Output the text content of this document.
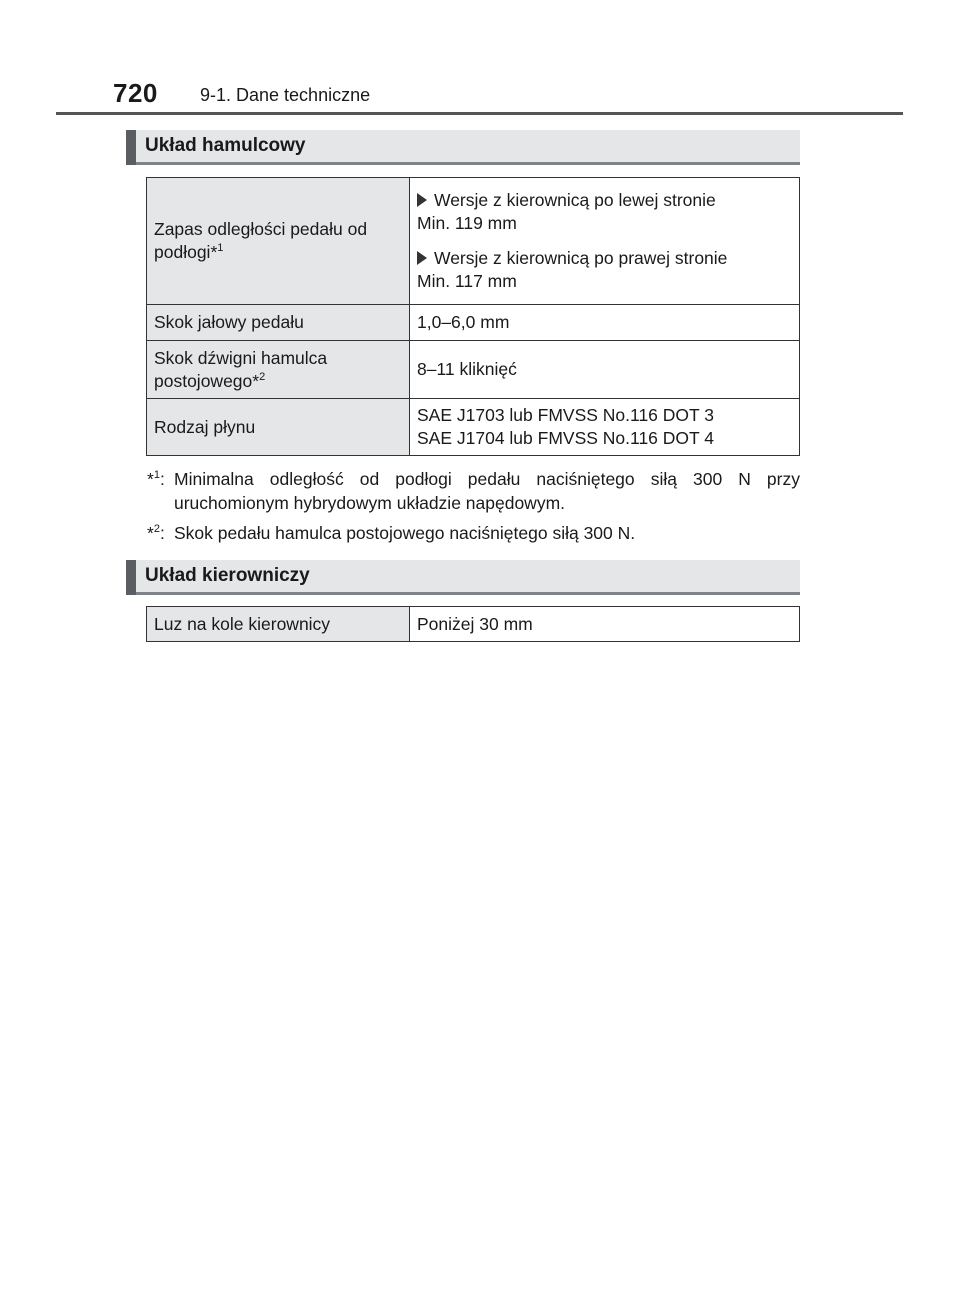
720 9-1. Dane techniczne
Układ hamulcowy
Zapas odległości pedału od podłogi*$^1$	Wersje z kierownicą po lewej stronie
Min. 119 mm
Wersje z kierownicą po prawej stronie
Min. 117 mm

Skok jałowy pedału	1,0–6,0 mm
Skok dźwigni hamulca postojowego*$^2$	8–11 kliknięć
Rodzaj płynu	SAE J1703 lub FMVSS No.116 DOT 3
SAE J1704 lub FMVSS No.116 DOT 4
*$^1$: Minimalna odległość od podłogi pedału naciśniętego siłą 300 N przy uruchomionym hybrydowym układzie napędowym.
*$^2$: Skok pedału hamulca postojowego naciśniętego siłą 300 N.
Układ kierowniczy
Luz na kole kierownicy	Poniżej 30 mm
